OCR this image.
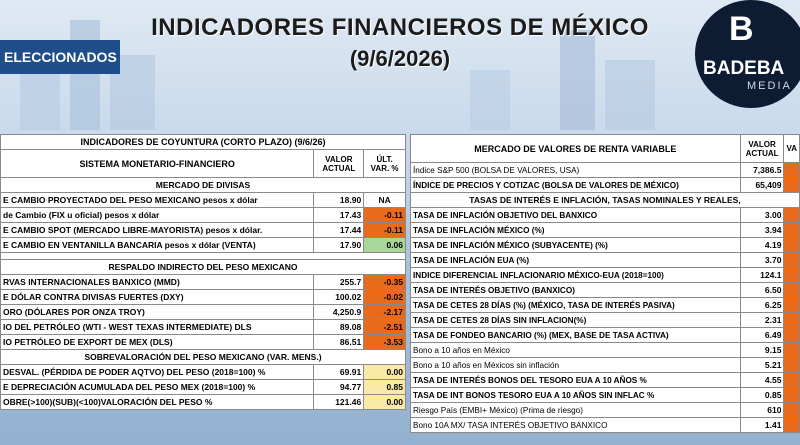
INDICADORES FINANCIEROS DE MÉXICO
(9/6/2026)
ELECCIONADOS
B
BADEBA
MEDIA
INDICADORES DE COYUNTURA (CORTO PLAZO) (9/6/26)		
SISTEMA MONETARIO-FINANCIERO	VALOR ACTUAL	ÚLT. VAR. %
MERCADO DE DIVISAS		
E CAMBIO PROYECTADO DEL PESO MEXICANO pesos x dólar	18.90	NA
de Cambio (FIX u oficial) pesos x dólar	17.43	-0.11
E CAMBIO SPOT (MERCADO LIBRE-MAYORISTA) pesos x dólar.	17.44	-0.11
E CAMBIO EN VENTANILLA BANCARIA pesos x dólar (VENTA)	17.90	0.06

RESPALDO INDIRECTO DEL PESO MEXICANO		
RVAS INTERNACIONALES BANXICO (MMD)	255.7	-0.35
E DÓLAR CONTRA DIVISAS FUERTES (DXY)	100.02	-0.02
ORO (DÓLARES POR ONZA TROY)	4,250.9	-2.17
IO DEL PETRÓLEO (WTI - WEST TEXAS INTERMEDIATE) DLS	89.08	-2.51
IO PETRÓLEO DE EXPORT DE MEX (DLS)	86.51	-3.53
SOBREVALORACIÓN DEL PESO MEXICANO (VAR. MENS.)		
DESVAL. (PÉRDIDA DE PODER AQTVO) DEL PESO (2018=100) %	69.91	0.00
E DEPRECIACIÓN ACUMULADA DEL PESO MEX (2018=100) %	94.77	0.85
OBRE(>100)(SUB)(<100)VALORACIÓN DEL PESO %	121.46	0.00
MERCADO DE VALORES DE RENTA VARIABLE	VALOR ACTUAL	VA
Índice S&P 500 (BOLSA DE VALORES, USA)	7,386.5	
ÍNDICE DE PRECIOS Y COTIZAC (BOLSA DE VALORES DE MÉXICO)	65,409	
TASAS DE INTERÉS E INFLACIÓN, TASAS NOMINALES Y REALES,		
TASA DE INFLACIÓN OBJETIVO DEL BANXICO	3.00	
TASA DE INFLACIÓN MÉXICO (%)	3.94	
TASA DE INFLACIÓN MÉXICO (SUBYACENTE) (%)	4.19	
TASA DE INFLACIÓN EUA (%)	3.70	
INDICE DIFERENCIAL INFLACIONARIO MÉXICO-EUA (2018=100)	124.1	
TASA DE INTERÉS OBJETIVO (BANXICO)	6.50	
TASA DE CETES 28 DÍAS (%) (MÉXICO, TASA DE INTERÉS PASIVA)	6.25	
TASA DE CETES 28 DÍAS SIN INFLACION(%)	2.31	
TASA DE FONDEO BANCARIO (%) (MEX, BASE DE TASA ACTIVA)	6.49	
Bono a 10 años en México	9.15	
Bono a 10 años en Méxicos sin inflación	5.21	
TASA DE INTERÉS BONOS DEL TESORO EUA A 10 AÑOS %	4.55	
TASA DE INT BONOS TESORO EUA A 10 AÑOS SIN INFLAC %	0.85	
Riesgo País (EMBI+ México) (Prima de riesgo)	610	
Bono 10A MX/ TASA INTERÉS OBJETIVO BANXICO	1.41	
